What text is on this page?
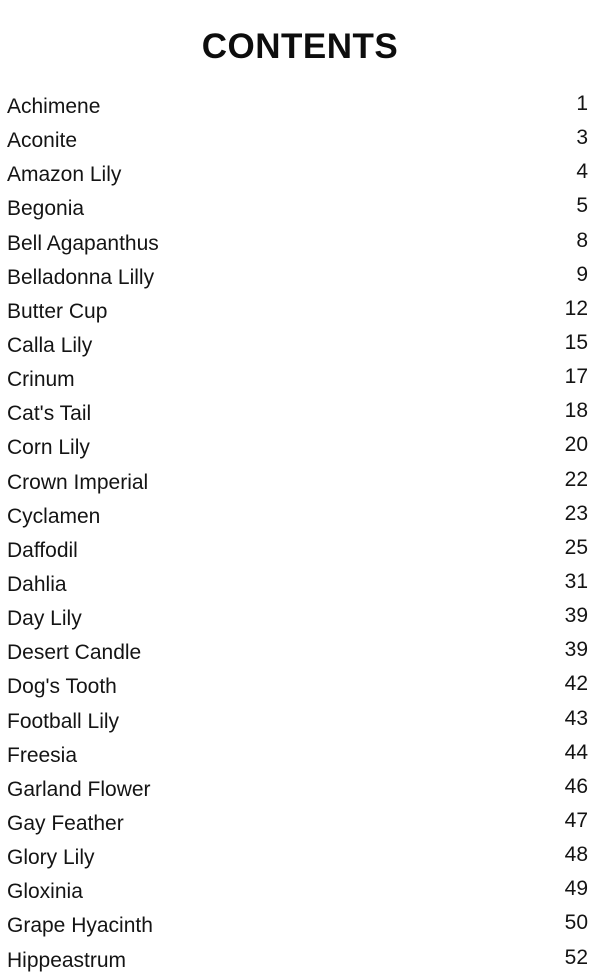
CONTENTS
Achimene	1
Aconite	3
Amazon Lily	4
Begonia	5
Bell Agapanthus	8
Belladonna Lilly	9
Butter Cup	12
Calla Lily	15
Crinum	17
Cat's Tail	18
Corn Lily	20
Crown Imperial	22
Cyclamen	23
Daffodil	25
Dahlia	31
Day Lily	39
Desert Candle	39
Dog's Tooth	42
Football Lily	43
Freesia	44
Garland Flower	46
Gay Feather	47
Glory Lily	48
Gloxinia	49
Grape Hyacinth	50
Hippeastrum	52
